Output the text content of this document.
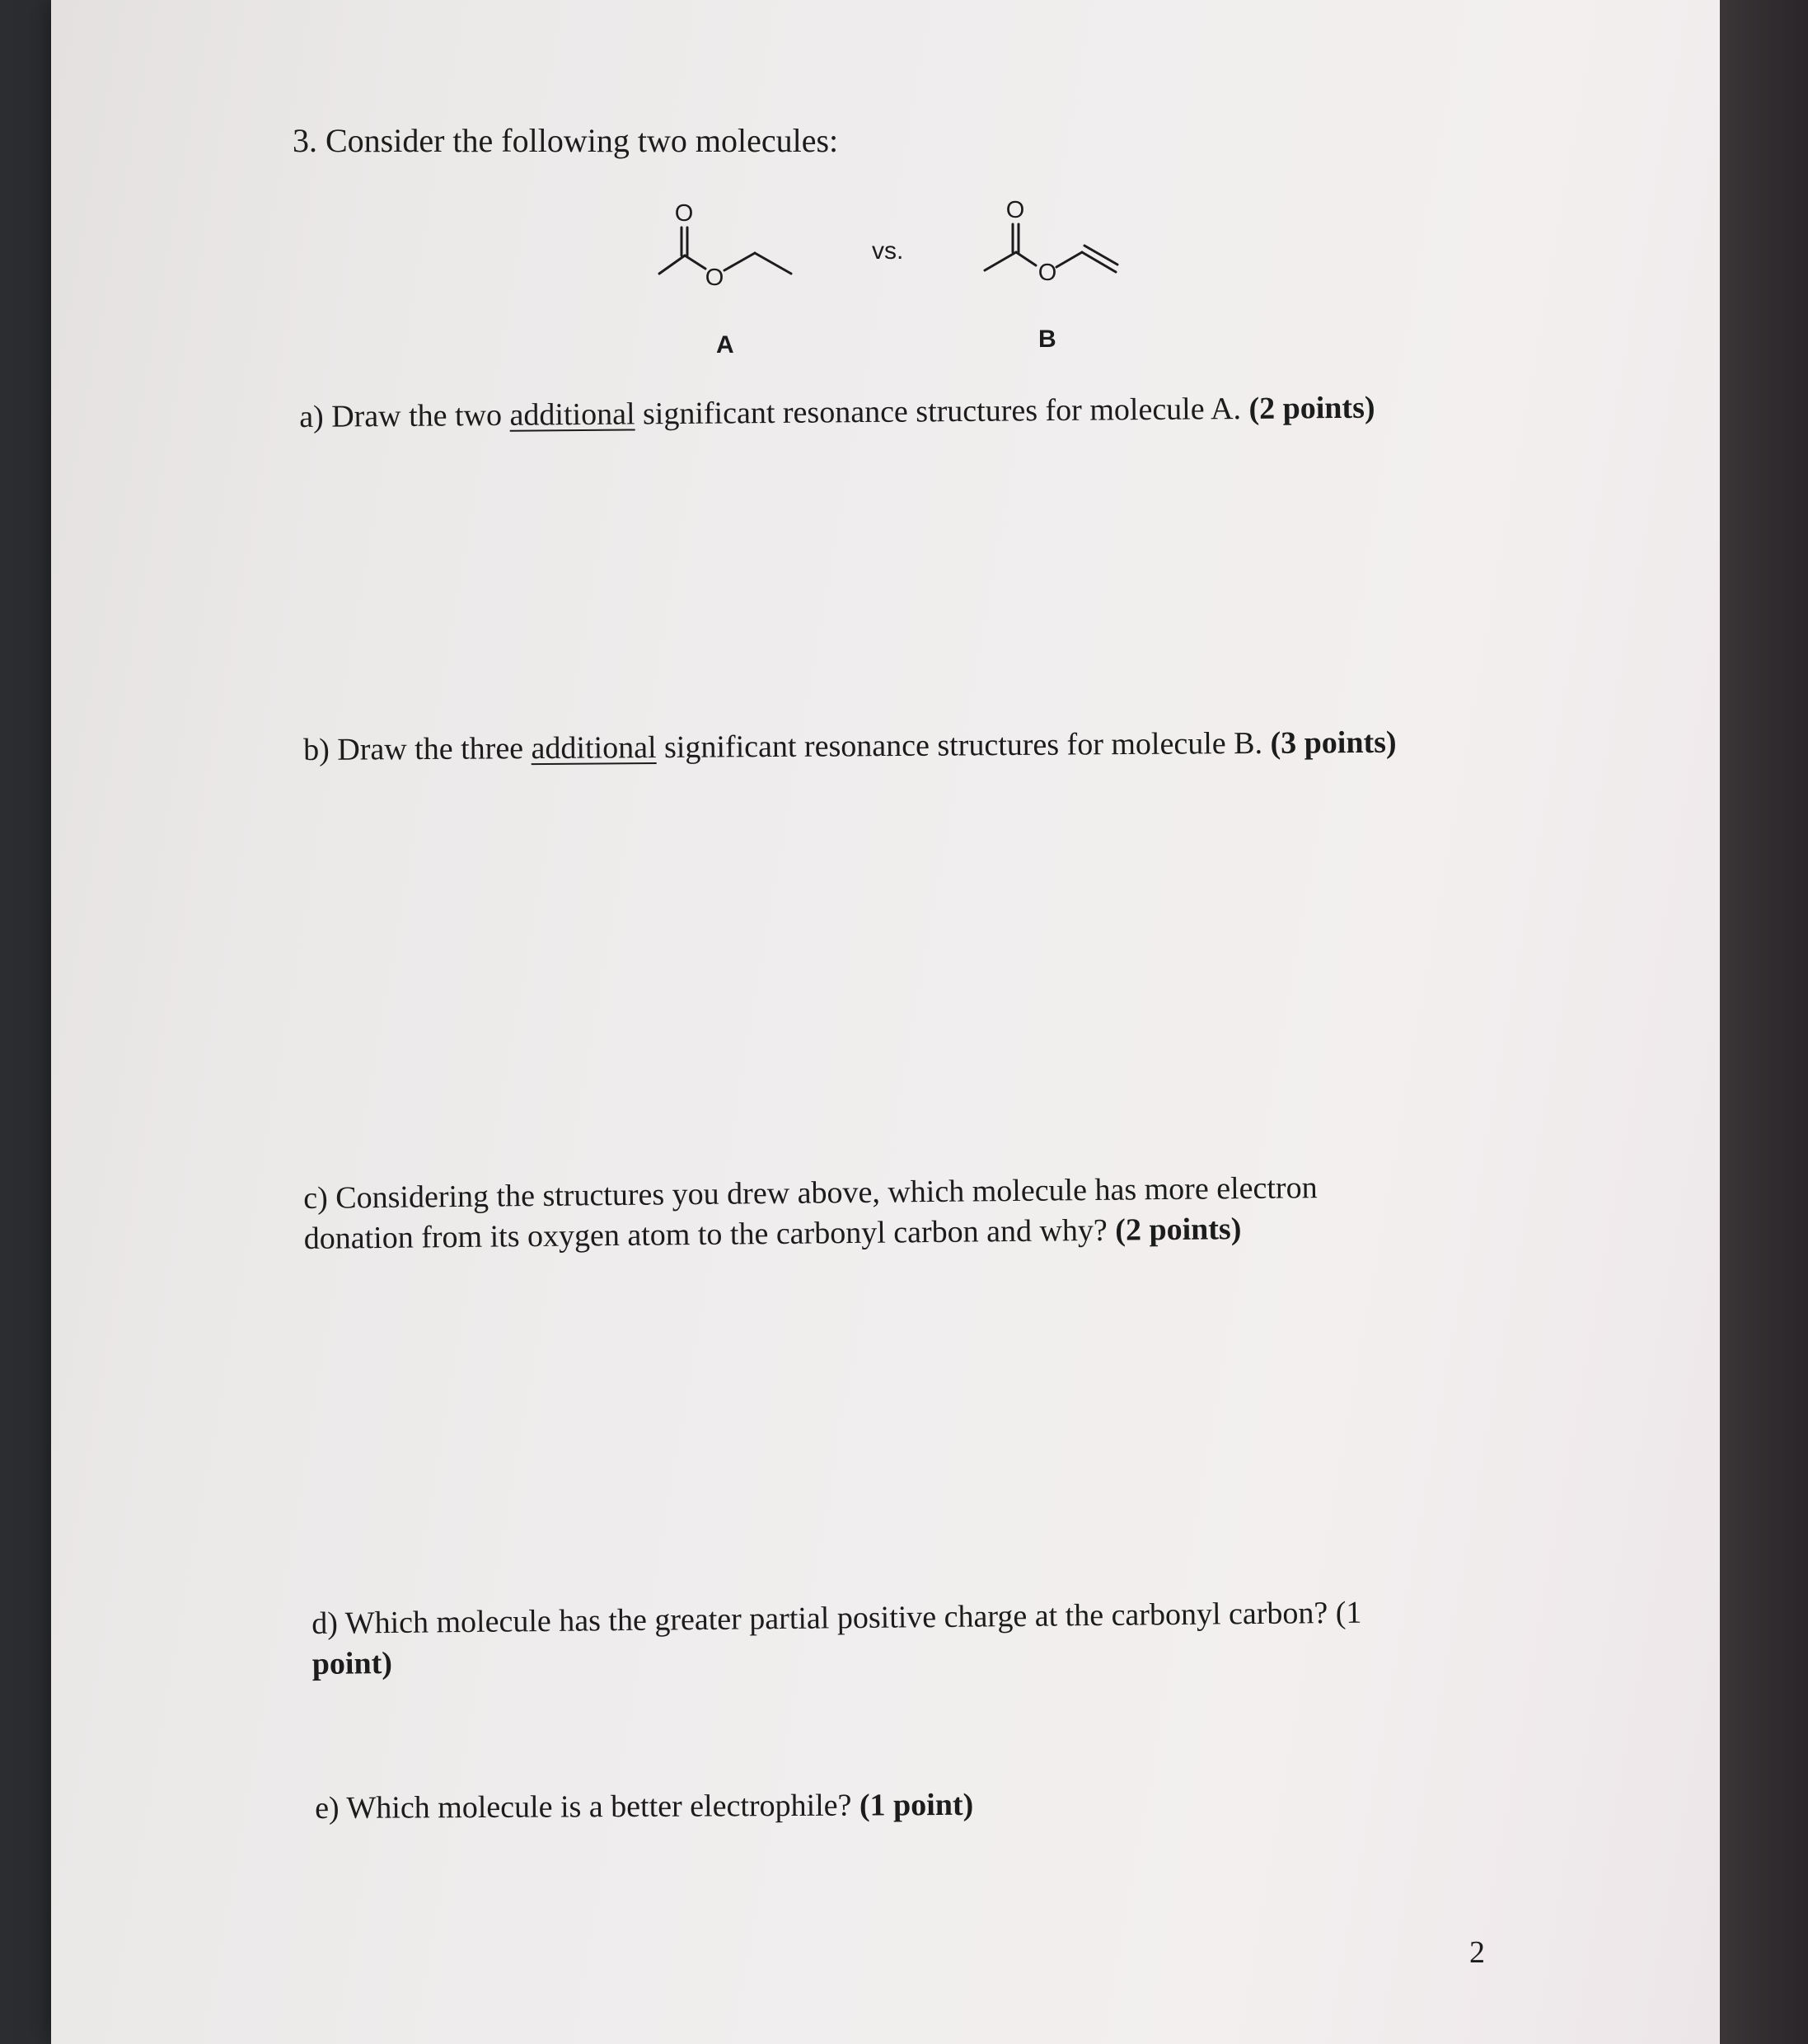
3. Consider the following two molecules:
O
O
vs.
O
O
A	B
a) Draw the two additional significant resonance structures for molecule A. (2 points)
b) Draw the three additional significant resonance structures for molecule B. (3 points)
c) Considering the structures you drew above, which molecule has more electron
donation from its oxygen atom to the carbonyl carbon and why? (2 points)
d) Which molecule has the greater partial positive charge at the carbonyl carbon? (1
point)
e) Which molecule is a better electrophile? (1 point)
2
